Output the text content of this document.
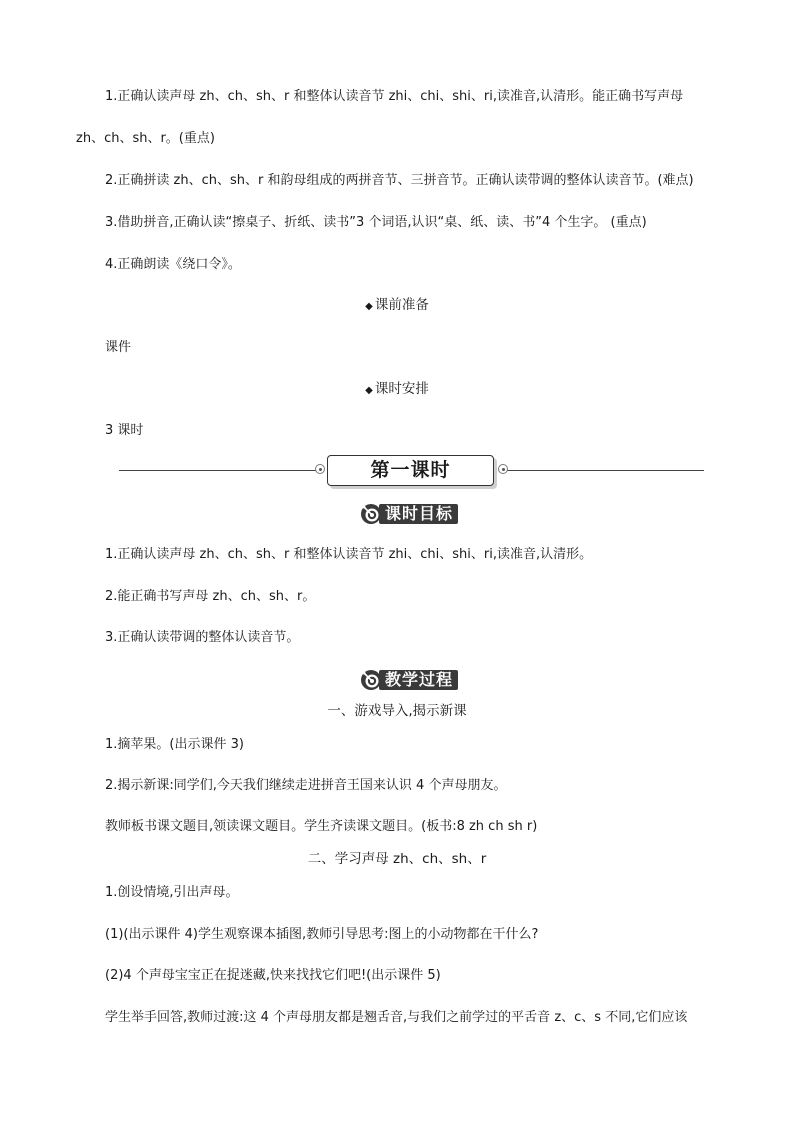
1.正确认读声母 zh、ch、sh、r 和整体认读音节 zhi、chi、shi、ri,读准音,认清形。能正确书写声母
zh、ch、sh、r。(重点)
2.正确拼读 zh、ch、sh、r 和韵母组成的两拼音节、三拼音节。正确认读带调的整体认读音节。(难点)
3.借助拼音,正确认读“擦桌子、折纸、读书”3 个词语,认识“桌、纸、读、书”4 个生字。 (重点)
4.正确朗读《绕口令》。
◆ 课前准备
课件
◆ 课时安排
3 课时
第一课时
课时目标
1.正确认读声母 zh、ch、sh、r 和整体认读音节 zhi、chi、shi、ri,读准音,认清形。
2.能正确书写声母 zh、ch、sh、r。
3.正确认读带调的整体认读音节。
教学过程
一、游戏导入,揭示新课
1.摘苹果。(出示课件 3)
2.揭示新课:同学们,今天我们继续走进拼音王国来认识 4 个声母朋友。
教师板书课文题目,领读课文题目。学生齐读课文题目。(板书:8 zh ch sh r)
二、学习声母 zh、ch、sh、r
1.创设情境,引出声母。
(1)(出示课件 4)学生观察课本插图,教师引导思考:图上的小动物都在干什么?
(2)4 个声母宝宝正在捉迷藏,快来找找它们吧!(出示课件 5)
学生举手回答,教师过渡:这 4 个声母朋友都是翘舌音,与我们之前学过的平舌音 z、c、s 不同,它们应该
